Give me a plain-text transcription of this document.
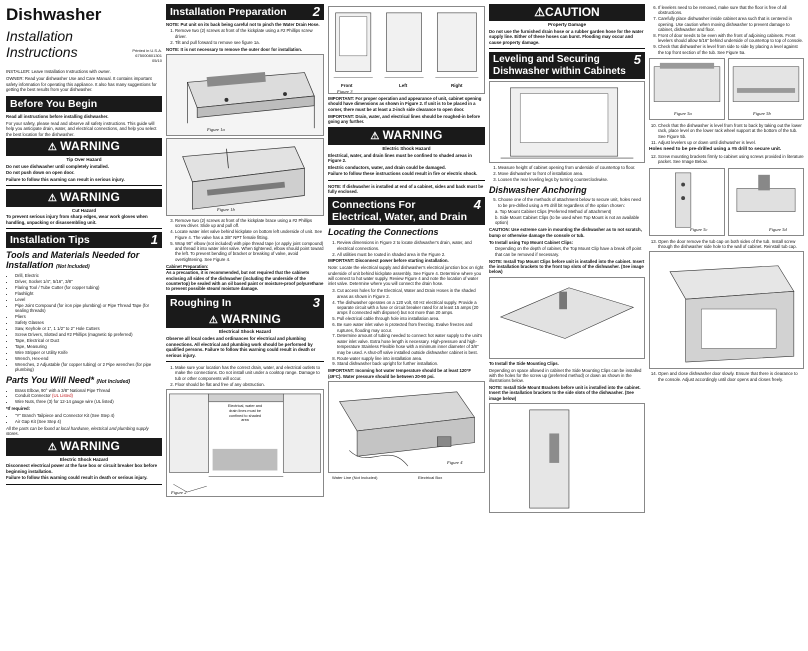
Dishwasher
Installation Instructions	Printed in U.S.A.
675000801301
05/10

INSTALLER: Leave Installation Instructions with owner.

OWNER: Read your dishwasher Use and Care Manual. It contains important safety information for operating this appliance. It also has many suggestions for getting the best results from your dishwasher.

Before You Begin

Read all instructions before installing dishwasher.

For your safety, please read and observe all safety instructions. This guide will help you anticipate drain, water, and electrical connections, and help you select the best location for the dishwasher.

⚠ WARNING
Tip Over Hazard
Do not use dishwasher until completely installed.
Do not push down on open door.
Failure to follow this warning can result in serious injury.
⚠ WARNING
Cut Hazard
To prevent serious injury from sharp edges, wear work gloves when handling, unpacking or disassembling unit.
Installation Tips	1
Tools and Materials Needed for Installation (Not Included)
• Drill, Electric
• Driver, Socket 1/4", 5/16", 3/8"
• Flaring Tool / Tube Cutter (for copper tubing)
• Flashlight
• Level
• Pipe Joint Compound (for iron pipe plumbing) or Pipe Thread Tape (for sealing threads)
• Pliers
• Safety Glasses
• Saw, Keyhole or 1", 1 1/2" to 2" Hole Cutters
• Screw Drivers, Slotted and #2 Phillips (magnetic tip preferred)
• Tape, Electrical or Duct
• Tape, Measuring
• Wire Stripper or Utility Knife
• Wrench, Hex-end
• Wrenches, 2 Adjustable (for copper tubing) or 2 Pipe wrenches (for pipe plumbing)
Parts You Will Need* (Not Included)
• Brass Elbow, 90° with a 3/8" National Pipe Thread
• Conduit Connector (UL Listed)
• Wire Nuts, three (3) for 12-14 gauge wire (UL listed)

*If required:

• "Y" Branch Tailpiece and Connector Kit (See Step 4)
• Air Gap Kit (See Step 4)

All the parts can be found at local hardware, electrical and plumbing supply stores.

⚠ WARNING
Electric Shock Hazard
Disconnect electrical power at the fuse box or circuit breaker box before beginning installation.
Failure to follow this warning could result in death or serious injury.
Installation Preparation 2

NOTE: Put unit on its back being careful not to pinch the Water Drain Hose.

1. Remove two (2) screws at front of the kickplate using a #2 Phillips screw driver.
2. Tilt and pull forward to remove see figure 1a.

NOTE: It is not necessary to remove the outer door for installation.

Figure 1a
Figure 1b
3. Remove two (2) screws at front of the kickplate brace using a #2 Phillips screw driver. Slide up and pull off.
4. Locate water inlet valve behind kickplate on bottom left underside of unit. See Figure 4. The valve has a 3/8" NPT female fitting.
5. Wrap 90° elbow (not included) with pipe thread tape (or apply joint compound) and thread it into water inlet valve. When tightened, elbow should point toward the left. To prevent bending of bracket or breaking of valve, avoid overtightening. See Figure 4.

Cabinet Preparation:

As a precaution, it is recommended, but not required that the cabinets enclosing all sides of the dishwasher (including the underside of the countertop) be sealed with an oil based paint or moisture-proof polyurethane to prevent possible steam/ moisture damage.

Roughing In	3
⚠ WARNING
Electrical Shock Hazard
Observe all local codes and ordinances for electrical and plumbing connections. All electrical and plumbing work should be performed by qualified persons. Failure to follow this warning could result in death or serious injury.
1. Make sure your location has the correct drain, water, and electrical outlets to make the connections. Do not install unit under a cooktop range. Damage to tub or other components will occur.
2. Floor should be flat and free of any obstruction.
Electrical, water and drain lines must be confined to shaded area
Figure 2
Front	Left	Right
Figure 3

IMPORTANT: For proper operation and appearance of unit, cabinet opening should have dimensions as shown in Figure 2. If unit is to be placed in a corner, there must be at least a 2-inch side clearance to open door.

IMPORTANT: Drain, water, and electrical lines should be roughed-in before going any further.

⚠ WARNING
Electric Shock Hazard
Electrical, water, and drain lines must be confined to shaded areas in Figure 2.
Electric conductors, water, and drain could be damaged.
Failure to follow these instructions could result in fire or electric shock.

NOTE: If dishwasher is installed at end of a cabinet, sides and back must be fully enclosed.

Connections For Electrical, Water, and Drain
4
Locating the Connections
1. Review dimensions in Figure 2 to locate dishwasher's drain, water, and electrical connections.
2. All utilities must be routed in shaded area in the Figure 2.

IMPORTANT: Disconnect power before starting installation.

Note: Locate the electrical supply and dishwasher's electrical junction box on right underside of unit behind kickplate assembly. See Figure 4. Determine where you will connect to hot water supply. Review Figure 4 and note the location of water inlet valve. Determine where you will connect the drain hose.

3. Cut access holes for the Electrical, Water and Drain Hoses in the shaded areas as shown in Figure 2.
4. The dishwasher operates on a 120 volt, 60 Hz electrical supply. Provide a separate circuit with a fuse or circuit breaker rated for at least 15 amps (20 amps if connected with disposer) but not more than 20 amps.
5. Pull electrical cable through hole into installation area.
6. Be sure water inlet valve is protected from freezing. Evalve freezes and ruptures, flooding may occur.
7. Determine amount of tubing needed to connect hot water supply to the unit's water inlet valve. Extra hose length is necessary. High-pressure and high-temperature Stainless Flexible hose with a minimum inner diameter of 3/8" may be used. A shut-off valve installed outside dishwasher cabinet is best.
8. Route water supply line into installation area.
9. Stand dishwasher back upright for further installation.

IMPORTANT: Incoming hot water temperature should be at least 120°F (49°C). Water pressure should be between 20-90 psi.

Figure 4
Water Line (Not Included)	Electrical Box
⚠CAUTION
Property Damage
Do not use the furnished drain hose or a rubber garden hose for the water supply line. Either of these hoses can burst. Flooding may occur and cause property damage.
Leveling and Securing Dishwasher within Cabinets
5
1. Measure height of cabinet opening from underside of countertop to floor.
2. Move dishwasher to front of installation area.
3. Loosen the rear leveling legs by turning counterclockwise.
Dishwasher Anchoring
5. Choose one of the methods of attachment below to secure unit, holes need to be pre-drilled using a #5 drill bit regardless of the option chosen:
a. Top Mount Cabinet Clips (Preferred Method of attachment)
b. Side Mount Cabinet Clips (to be used when Top Mount is not an available option)

CAUTION: Use extreme care in mounting the dishwasher as to not scratch, bump or otherwise damage the console or tub.

To Install using Top Mount Cabinet Clips:

Depending on the depth of cabinet, the Top Mount Clip have a break off point that can be removed if necessary.

NOTE: Install Top Mount Clips before unit is installed into the cabinet. Insert the installation brackets to the front top slots of the dishwasher. (See image below)

To Install the Side Mounting Clips.

Depending on space allowed in cabinet the Side Mounting Clips can be installed with the holes for the screw up (preferred method) or down as shown in the illustrations below.

NOTE: Install Side Mount Brackets before unit is installed into the cabinet. Insert the installation brackets to the side slots of the dishwasher. (See image below)

6. If levelers need to be removed, make sure that the floor is free of all obstructions.
7. Carefully place dishwasher inside cabinet area such that is centered in opening. Use caution when moving dishwasher to prevent damage to cabinet, dishwasher and floor.
8. Front of door needs to be even with the front of adjoining cabinets. Front levelers should allow 5/16" behind underside of countertop to top of console.
9. Check that dishwasher is level from side to side by placing a level against the top front section of the tub. See Figure 5a.
Figure 5a	Figure 5b
10. Check that the dishwasher is level from front to back by taking out the lower rack, place level on the lower rack wheel support at the bottom of the tub. See Figure 5b.
11. Adjust levelers up or down until dishwasher is level.

Holes need to be pre-drilled using a #5 drill to secure unit.

12. Screw mounting brackets firmly to cabinet using screws provided in literature packet. See Image Below.
Figure 5c	Figure 5d
13. Open the door remove the tub cap on both sides of the tub. Install screw through the dishwasher side hole to the wall of cabinet. Reinstall tub cap.
14. Open and close dishwasher door slowly. Ensure that there is clearance to the console. Adjust accordingly until door opens and closes freely.
